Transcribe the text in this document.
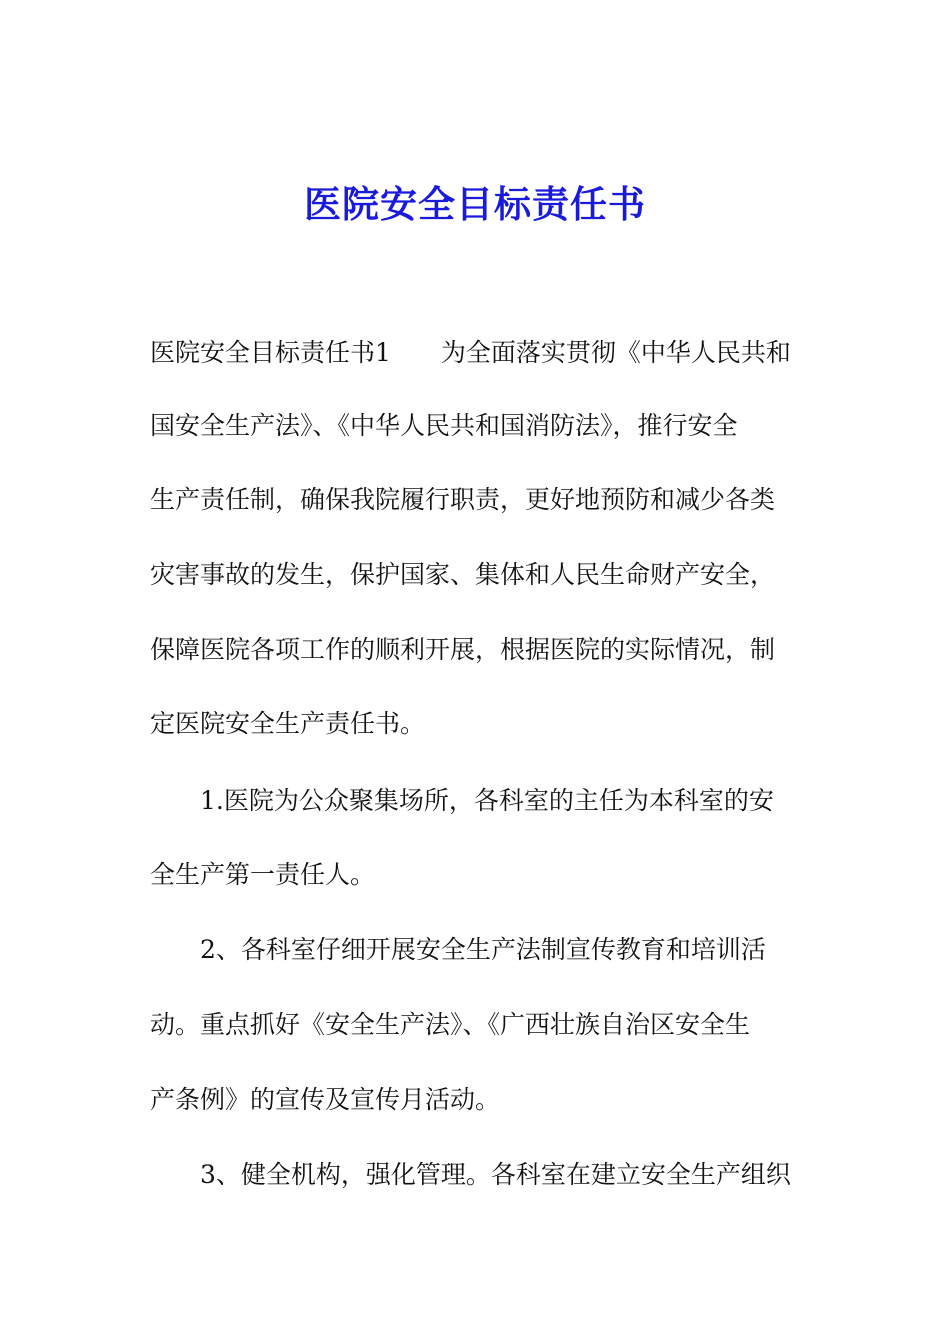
医院安全目标责任书

医院安全目标责任书1　　为全面落实贯彻《中华人民共和

国安全生产法》、《中华人民共和国消防法》，推行安全

生产责任制，确保我院履行职责，更好地预防和减少各类

灾害事故的发生，保护国家、集体和人民生命财产安全，

保障医院各项工作的顺利开展，根据医院的实际情况，制

定医院安全生产责任书。

1.医院为公众聚集场所，各科室的主任为本科室的安

全生产第一责任人。

2、各科室仔细开展安全生产法制宣传教育和培训活

动。重点抓好《安全生产法》、《广西壮族自治区安全生

产条例》的宣传及宣传月活动。

3、健全机构，强化管理。各科室在建立安全生产组织
